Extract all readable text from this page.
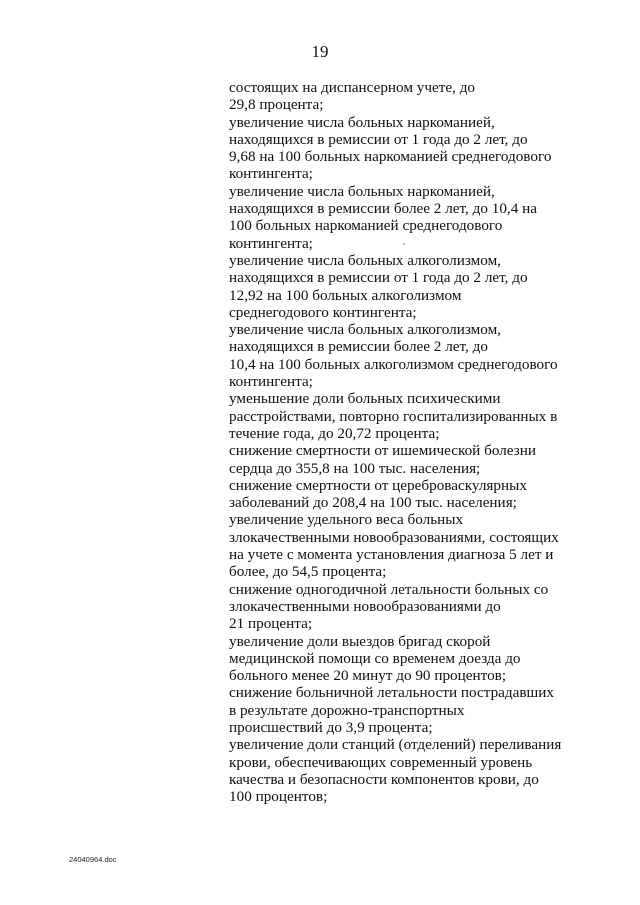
19
состоящих на диспансерном учете, до
29,8 процента;
увеличение числа больных наркоманией,
находящихся в ремиссии от 1 года до 2 лет, до
9,68 на 100 больных наркоманией среднегодового
контингента;
увеличение числа больных наркоманией,
находящихся в ремиссии более 2 лет, до 10,4 на
100 больных наркоманией среднегодового
контингента;
увеличение числа больных алкоголизмом,
находящихся в ремиссии от 1 года до 2 лет, до
12,92 на 100 больных алкоголизмом
среднегодового контингента;
увеличение числа больных алкоголизмом,
находящихся в ремиссии более 2 лет, до
10,4 на 100 больных алкоголизмом среднегодового
контингента;
уменьшение доли больных психическими
расстройствами, повторно госпитализированных в
течение года, до 20,72 процента;
снижение смертности от ишемической болезни
сердца до 355,8 на 100 тыс. населения;
снижение смертности от цереброваскулярных
заболеваний до 208,4 на 100 тыс. населения;
увеличение удельного веса больных
злокачественными новообразованиями, состоящих
на учете с момента установления диагноза 5 лет и
более, до 54,5 процента;
снижение одногодичной летальности больных со
злокачественными новообразованиями до
21 процента;
увеличение доли выездов бригад скорой
медицинской помощи со временем доезда до
больного менее 20 минут до 90 процентов;
снижение больничной летальности пострадавших
в результате дорожно-транспортных
происшествий до 3,9 процента;
увеличение доли станций (отделений) переливания
крови, обеспечивающих современный уровень
качества и безопасности компонентов крови, до
100 процентов;
24040964.doc
